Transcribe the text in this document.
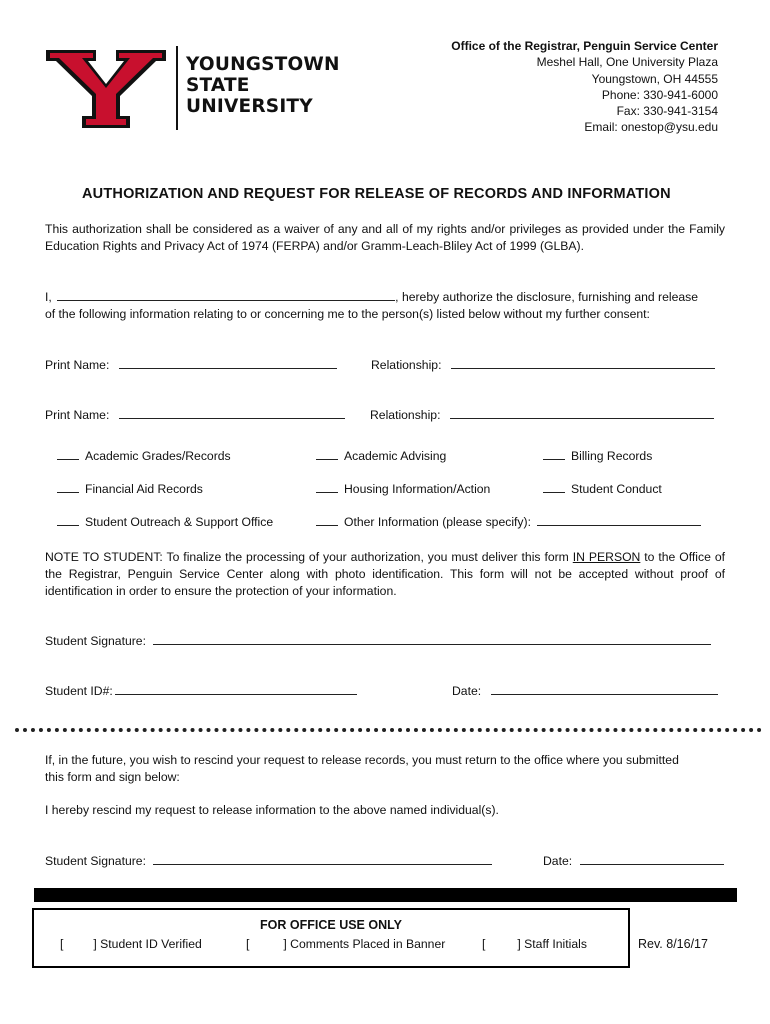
YOUNGSTOWN
STATE
UNIVERSITY
Office of the Registrar, Penguin Service Center
Meshel Hall, One University Plaza
Youngstown, OH 44555
Phone: 330-941-6000
Fax: 330-941-3154
Email: onestop@ysu.edu
AUTHORIZATION AND REQUEST FOR RELEASE OF RECORDS AND INFORMATION
This authorization shall be considered as a waiver of any and all of my rights and/or privileges as provided under the Family Education Rights and Privacy Act of 1974 (FERPA) and/or Gramm-Leach-Bliley Act of 1999 (GLBA).
I,	, hereby authorize the disclosure, furnishing and release
of the following information relating to or concerning me to the person(s) listed below without my further consent:
Print Name:	Relationship:
Print Name:	Relationship:
Academic Grades/Records	Academic Advising	Billing Records
Financial Aid Records	Housing Information/Action	Student Conduct
Student Outreach & Support Office	Other Information (please specify):
NOTE TO STUDENT: To finalize the processing of your authorization, you must deliver this form IN PERSON to the Office of the Registrar, Penguin Service Center along with photo identification. This form will not be accepted without proof of identification in order to ensure the protection of your information.
Student Signature:
Student ID#:	Date:
If, in the future, you wish to rescind your request to release records, you must return to the office where you submitted this form and sign below:
I hereby rescind my request to release information to the above named individual(s).
Student Signature:	Date:
FOR OFFICE USE ONLY
[ ] Student ID Verified	[	] Comments Placed in Banner	[	] Staff Initials	Rev. 8/16/17
